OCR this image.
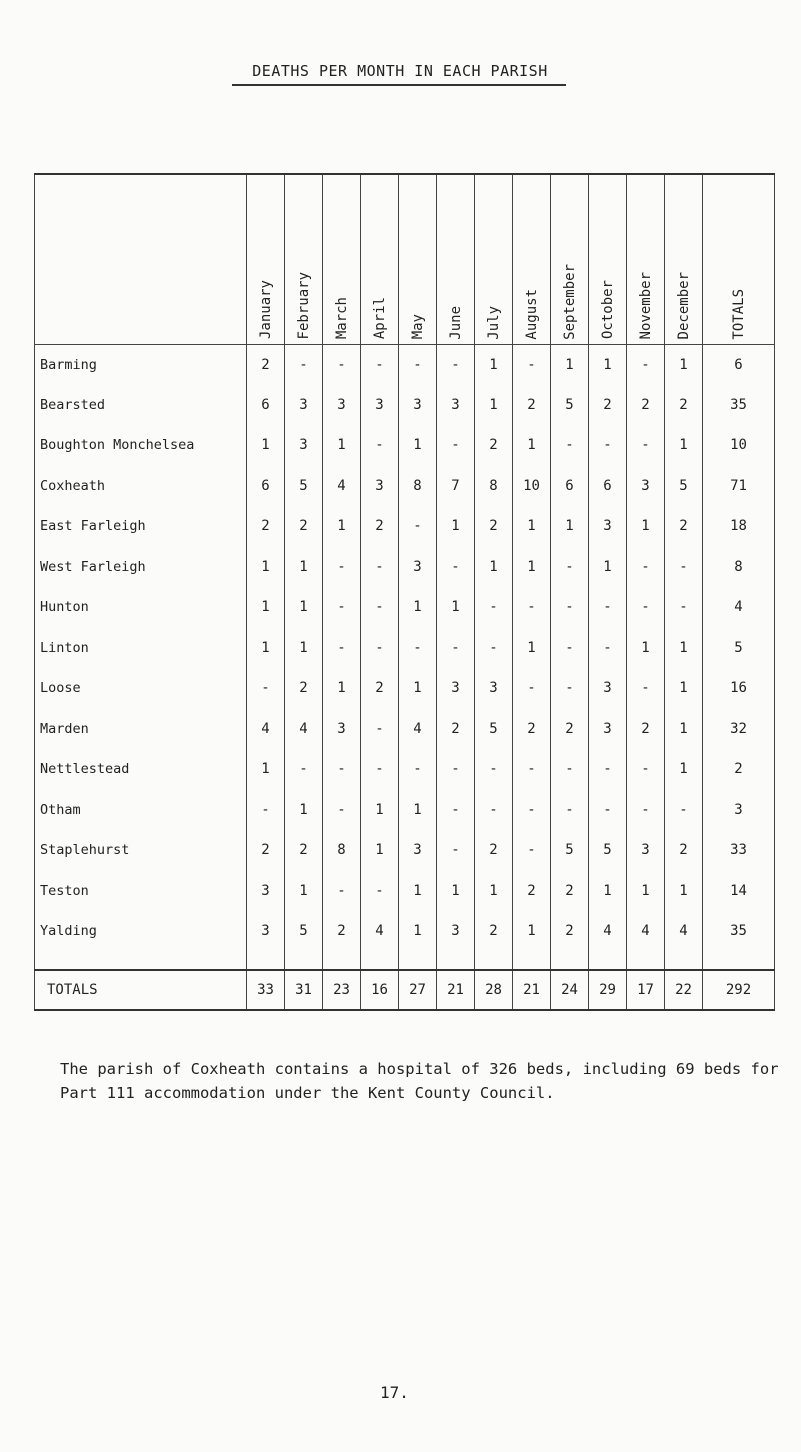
DEATHS PER MONTH IN EACH PARISH
	January	February	March	April	May	June	July	August	September	October	November	December	TOTALS
Barming	2	-	-	-	-	-	1	-	1	1	-	1	6
Bearsted	6	3	3	3	3	3	1	2	5	2	2	2	35
Boughton Monchelsea	1	3	1	-	1	-	2	1	-	-	-	1	10
Coxheath	6	5	4	3	8	7	8	10	6	6	3	5	71
East Farleigh	2	2	1	2	-	1	2	1	1	3	1	2	18
West Farleigh	1	1	-	-	3	-	1	1	-	1	-	-	8
Hunton	1	1	-	-	1	1	-	-	-	-	-	-	4
Linton	1	1	-	-	-	-	-	1	-	-	1	1	5
Loose	-	2	1	2	1	3	3	-	-	3	-	1	16
Marden	4	4	3	-	4	2	5	2	2	3	2	1	32
Nettlestead	1	-	-	-	-	-	-	-	-	-	-	1	2
Otham	-	1	-	1	1	-	-	-	-	-	-	-	3
Staplehurst	2	2	8	1	3	-	2	-	5	5	3	2	33
Teston	3	1	-	-	1	1	1	2	2	1	1	1	14
Yalding	3	5	2	4	1	3	2	1	2	4	4	4	35

TOTALS	33	31	23	16	27	21	28	21	24	29	17	22	292
The parish of Coxheath contains a hospital of 326 beds, including 69 beds for Part 111 accommodation under the Kent County Council.
17.
